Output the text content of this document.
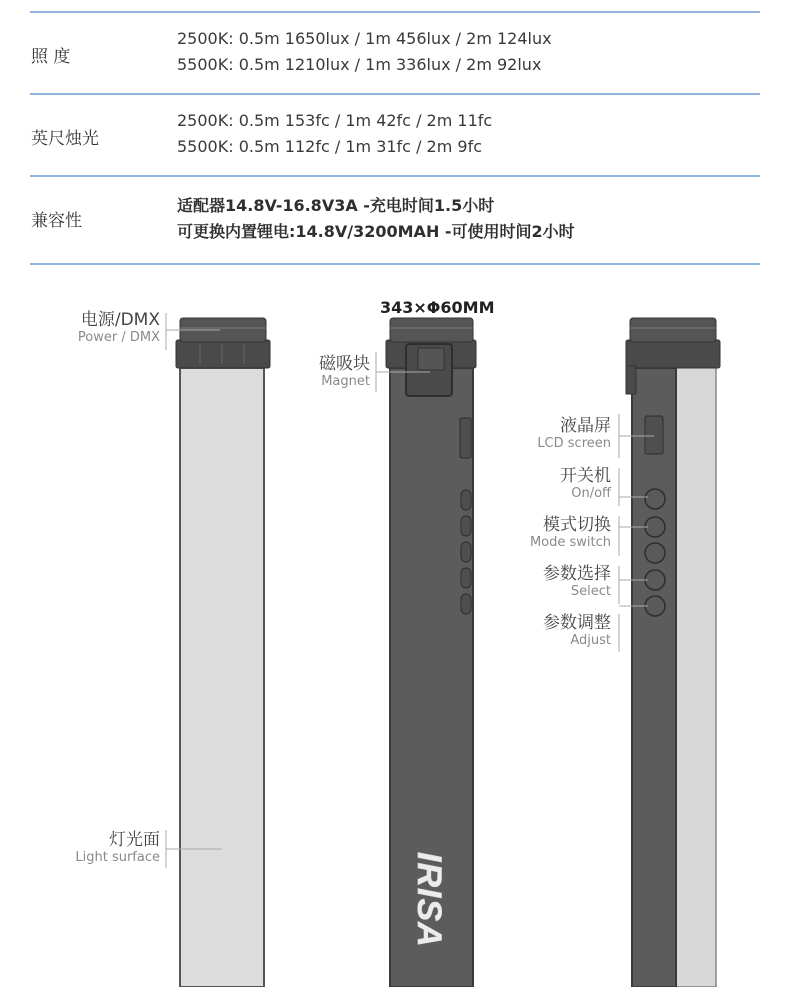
照 度
2500K: 0.5m 1650lux / 1m 456lux / 2m 124lux
5500K: 0.5m 1210lux / 1m 336lux / 2m 92lux
英尺烛光
2500K: 0.5m 153fc / 1m 42fc / 2m 11fc
5500K: 0.5m 112fc / 1m 31fc / 2m 9fc
兼容性
适配器14.8V-16.8V3A -充电时间1.5小时
可更换内置锂电:14.8V/3200MAH -可使用时间2小时
IRISA
电源/DMX
Power / DMX
343×Φ60MM
磁吸块
Magnet
灯光面
Light surface
液晶屏
LCD screen
开关机
On/off
模式切换
Mode switch
参数选择
Select
参数调整
Adjust
